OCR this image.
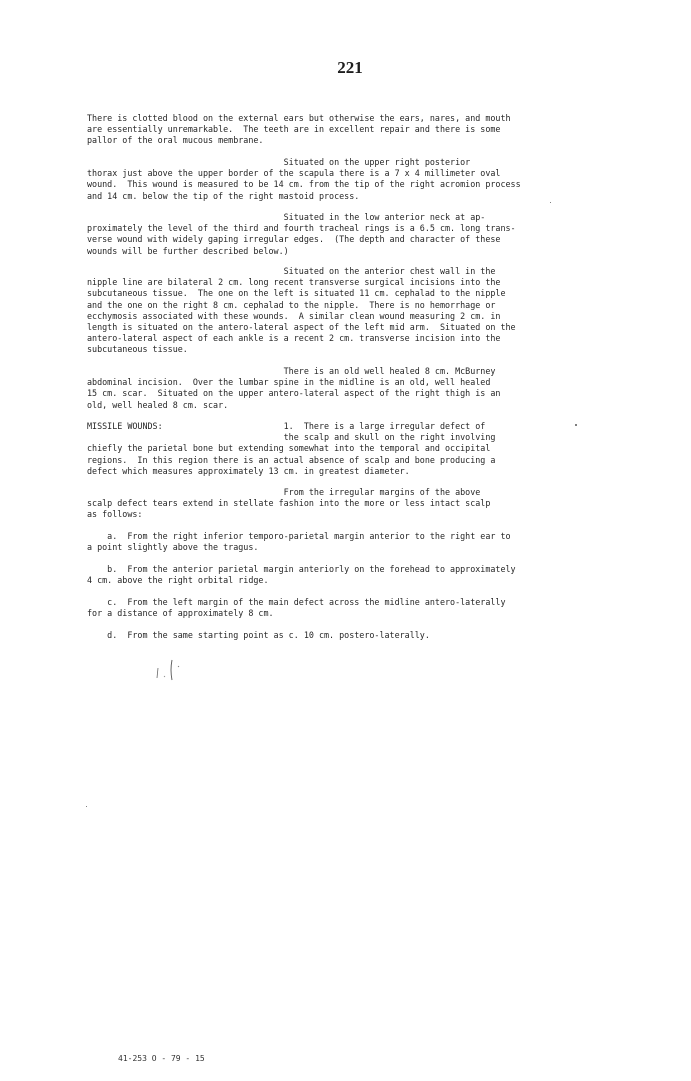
221
There is clotted blood on the external ears but otherwise the ears, nares, and mouth
are essentially unremarkable.  The teeth are in excellent repair and there is some
pallor of the oral mucous membrane.
Situated on the upper right posterior
thorax just above the upper border of the scapula there is a 7 x 4 millimeter oval
wound.  This wound is measured to be 14 cm. from the tip of the right acromion process
and 14 cm. below the tip of the right mastoid process.
Situated in the low anterior neck at ap-
proximately the level of the third and fourth tracheal rings is a 6.5 cm. long trans-
verse wound with widely gaping irregular edges.  (The depth and character of these
wounds will be further described below.)
Situated on the anterior chest wall in the
nipple line are bilateral 2 cm. long recent transverse surgical incisions into the
subcutaneous tissue.  The one on the left is situated 11 cm. cephalad to the nipple
and the one on the right 8 cm. cephalad to the nipple.  There is no hemorrhage or
ecchymosis associated with these wounds.  A similar clean wound measuring 2 cm. in
length is situated on the antero-lateral aspect of the left mid arm.  Situated on the
antero-lateral aspect of each ankle is a recent 2 cm. transverse incision into the
subcutaneous tissue.
There is an old well healed 8 cm. McBurney
abdominal incision.  Over the lumbar spine in the midline is an old, well healed
15 cm. scar.  Situated on the upper antero-lateral aspect of the right thigh is an
old, well healed 8 cm. scar.
MISSILE WOUNDS:                        1.  There is a large irregular defect of
the scalp and skull on the right involving
chiefly the parietal bone but extending somewhat into the temporal and occipital
regions.  In this region there is an actual absence of scalp and bone producing a
defect which measures approximately 13 cm. in greatest diameter.
From the irregular margins of the above
scalp defect tears extend in stellate fashion into the more or less intact scalp
as follows:
a.  From the right inferior temporo-parietal margin anterior to the right ear to
a point slightly above the tragus.
b.  From the anterior parietal margin anteriorly on the forehead to approximately
4 cm. above the right orbital ridge.
c.  From the left margin of the main defect across the midline antero-laterally
for a distance of approximately 8 cm.
d.  From the same starting point as c. 10 cm. postero-laterally.
41-253 O - 79 - 15
